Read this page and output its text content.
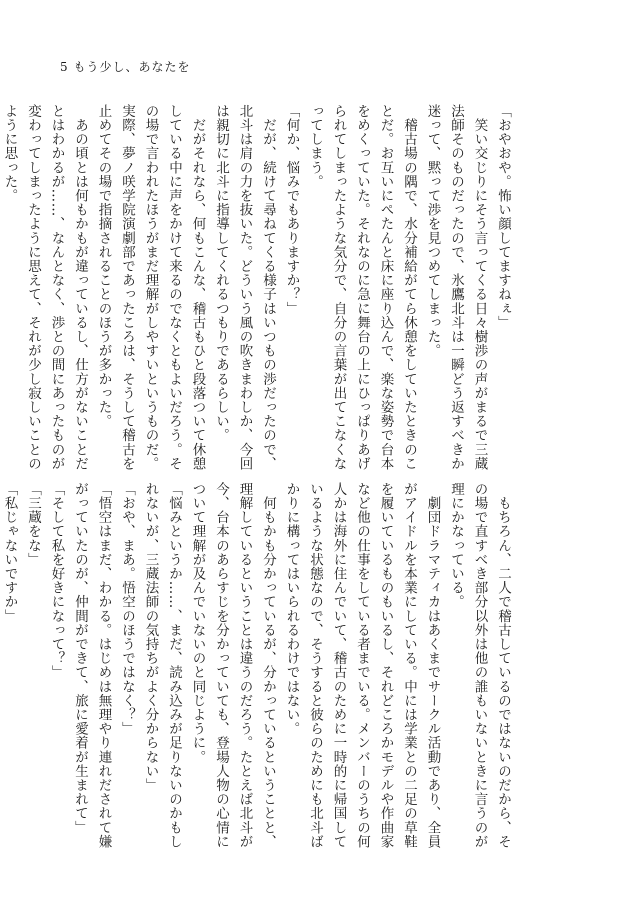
5 もう少し、あなたを
「おやおや。怖い顔してますねぇ」
　笑い交じりにそう言ってくる日々樹渉の声がまるで三蔵
法師そのものだったので、氷鷹北斗は一瞬どう返すべきか
迷って、黙って渉を見つめてしまった。
　稽古場の隅で、水分補給がてら休憩をしていたときのこ
とだ。お互いにぺたんと床に座り込んで、楽な姿勢で台本
をめくっていた。それなのに急に舞台の上にひっぱりあげ
られてしまったような気分で、自分の言葉が出てこなくな
ってしまう。
「何か、悩みでもありますか？」
　だが、続けて尋ねてくる様子はいつもの渉だったので、
北斗は肩の力を抜いた。どういう風の吹きまわしか、今回
は親切に北斗に指導してくれるつもりであるらしい。
　だがそれなら、何もこんな、稽古もひと段落ついて休憩
している中に声をかけて来るのでなくともよいだろう。そ
の場で言われたほうがまだ理解がしやすいというものだ。
実際、夢ノ咲学院演劇部であったころは、そうして稽古を
止めてその場で指摘されることのほうが多かった。
　あの頃とは何もかもが違っているし、仕方がないことだ
とはわかるが……、なんとなく、渉との間にあったものが
変わってしまったように思えて、それが少し寂しいことの
ように思った。
　もちろん、二人で稽古しているのではないのだから、そ
の場で直すべき部分以外は他の誰もいないときに言うのが
理にかなっている。
　劇団ドラマティカはあくまでサークル活動であり、全員
がアイドルを本業にしている。中には学業との二足の草鞋
を履いているものもいるし、それどころかモデルや作曲家
など他の仕事をしている者までいる。メンバーのうちの何
人かは海外に住んでいて、稽古のために一時的に帰国して
いるような状態なので、そうすると彼らのためにも北斗ば
かりに構ってはいられるわけではない。
　何もかも分かっているが、分かっているということと、
理解しているということは違うのだろう。たとえば北斗が
今、台本のあらすじを分かっていても、登場人物の心情に
ついて理解が及んでいないのと同じように。
「悩みというか……、まだ、読み込みが足りないのかもし
れないが、三蔵法師の気持ちがよく分からない」
「おや、まあ。悟空のほうではなく？」
「悟空はまだ、わかる。はじめは無理やり連れだされて嫌
がっていたのが、仲間ができて、旅に愛着が生まれて」
「そして私を好きになって？」
「三蔵をな」
「私じゃないですか」
